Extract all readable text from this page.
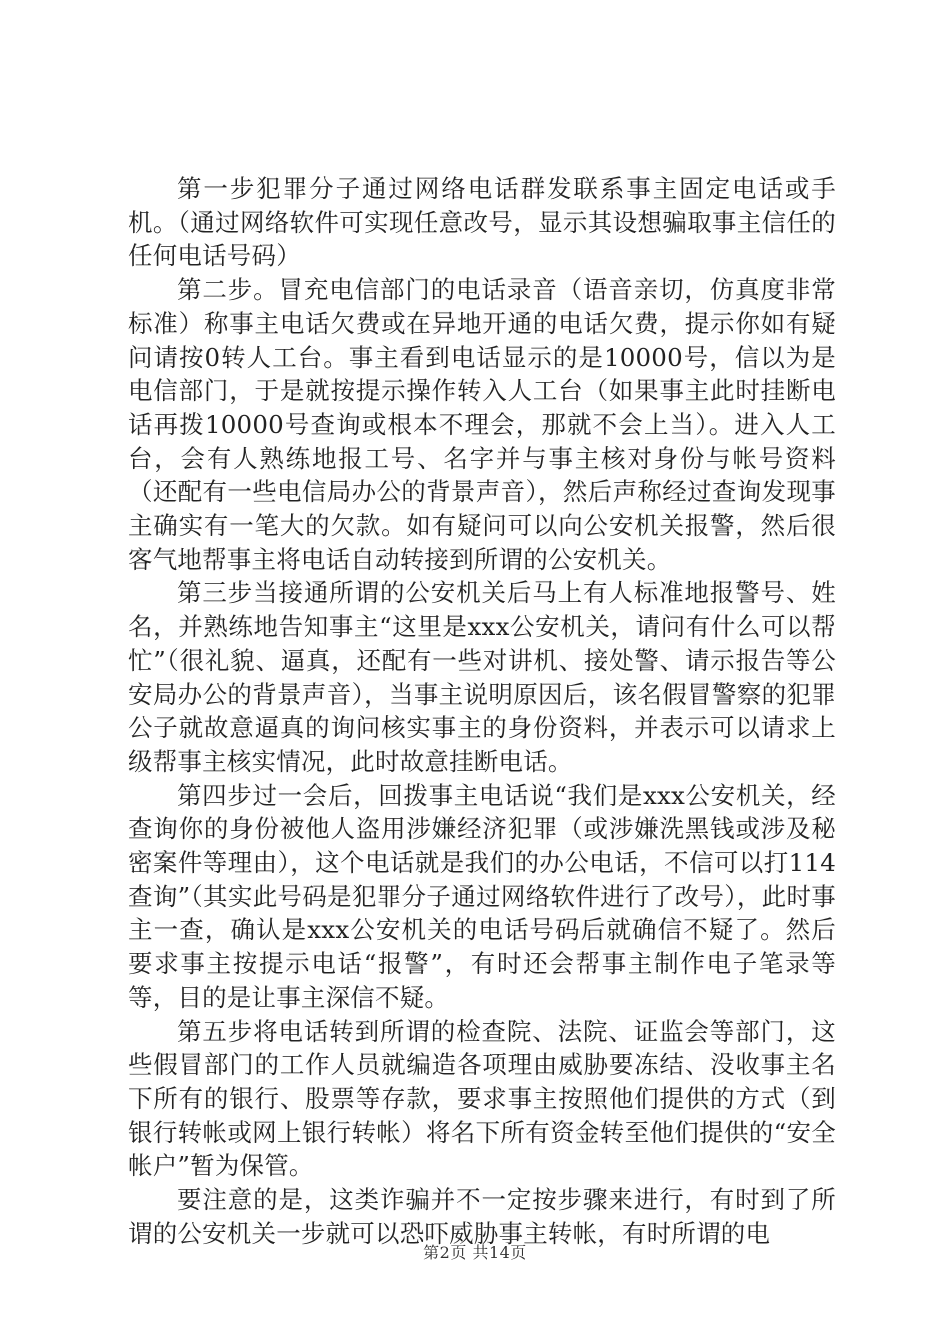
第一步犯罪分子通过网络电话群发联系事主固定电话或手机。（通过网络软件可实现任意改号，显示其设想骗取事主信任的任何电话号码）

第二步。冒充电信部门的电话录音（语音亲切，仿真度非常标准）称事主电话欠费或在异地开通的电话欠费，提示你如有疑问请按0转人工台。事主看到电话显示的是10000号，信以为是电信部门，于是就按提示操作转入人工台（如果事主此时挂断电话再拨10000号查询或根本不理会，那就不会上当）。进入人工台，会有人熟练地报工号、名字并与事主核对身份与帐号资料（还配有一些电信局办公的背景声音），然后声称经过查询发现事主确实有一笔大的欠款。如有疑问可以向公安机关报警，然后很客气地帮事主将电话自动转接到所谓的公安机关。

第三步当接通所谓的公安机关后马上有人标准地报警号、姓名，并熟练地告知事主“这里是xxx公安机关，请问有什么可以帮忙”（很礼貌、逼真，还配有一些对讲机、接处警、请示报告等公安局办公的背景声音），当事主说明原因后，该名假冒警察的犯罪公子就故意逼真的询问核实事主的身份资料，并表示可以请求上级帮事主核实情况，此时故意挂断电话。

第四步过一会后，回拨事主电话说“我们是xxx公安机关，经查询你的身份被他人盗用涉嫌经济犯罪（或涉嫌洗黑钱或涉及秘密案件等理由），这个电话就是我们的办公电话，不信可以打114查询”（其实此号码是犯罪分子通过网络软件进行了改号），此时事主一查，确认是xxx公安机关的电话号码后就确信不疑了。然后要求事主按提示电话“报警”，有时还会帮事主制作电子笔录等等，目的是让事主深信不疑。

第五步将电话转到所谓的检查院、法院、证监会等部门，这些假冒部门的工作人员就编造各项理由威胁要冻结、没收事主名下所有的银行、股票等存款，要求事主按照他们提供的方式（到银行转帐或网上银行转帐）将名下所有资金转至他们提供的“安全帐户”暂为保管。

要注意的是，这类诈骗并不一定按步骤来进行，有时到了所谓的公安机关一步就可以恐吓威胁事主转帐，有时所谓的电

第2页 共14页
